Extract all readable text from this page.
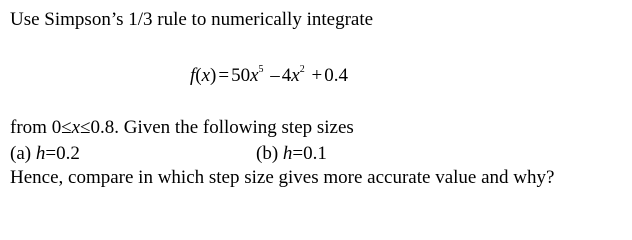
Use Simpson’s 1/3 rule to numerically integrate
$f(x) = 50x^5 - 4x^2 + 0.4$
from 0≤x≤0.8. Given the following step sizes
(a) h=0.2	(b) h=0.1
Hence, compare in which step size gives more accurate value and why?
